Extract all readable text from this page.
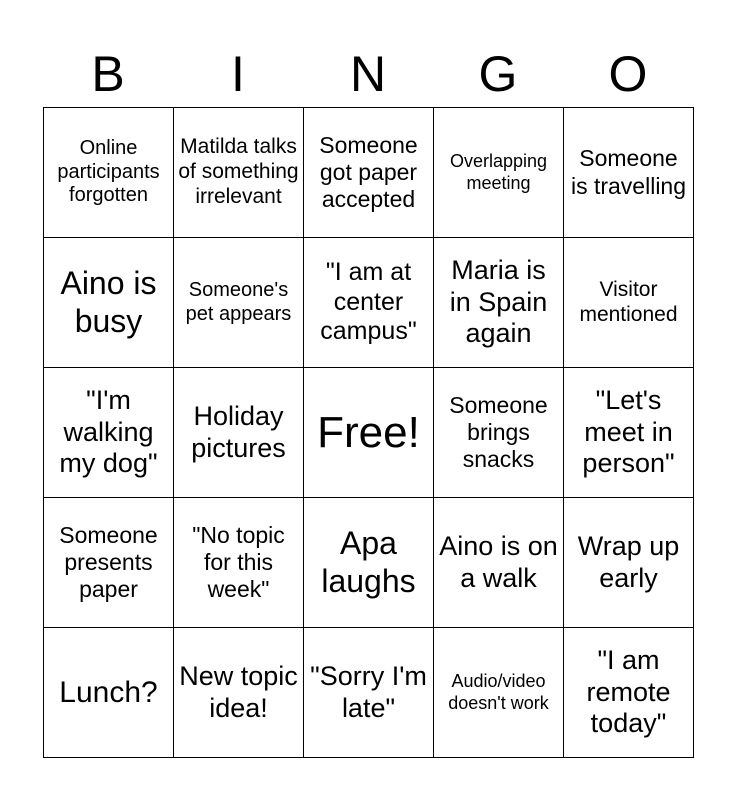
B	I	N	G	O
Online participants forgotten	Matilda talks of something irrelevant	Someone got paper accepted	Overlapping meeting	Someone is travelling
Aino is busy	Someone's pet appears	"I am at center campus"	Maria is in Spain again	Visitor mentioned
"I'm walking my dog"	Holiday pictures	Free!	Someone brings snacks	"Let's meet in person"
Someone presents paper	"No topic for this week"	Apa laughs	Aino is on a walk	Wrap up early
Lunch?	New topic idea!	"Sorry I'm late"	Audio/video doesn't work	"I am remote today"
